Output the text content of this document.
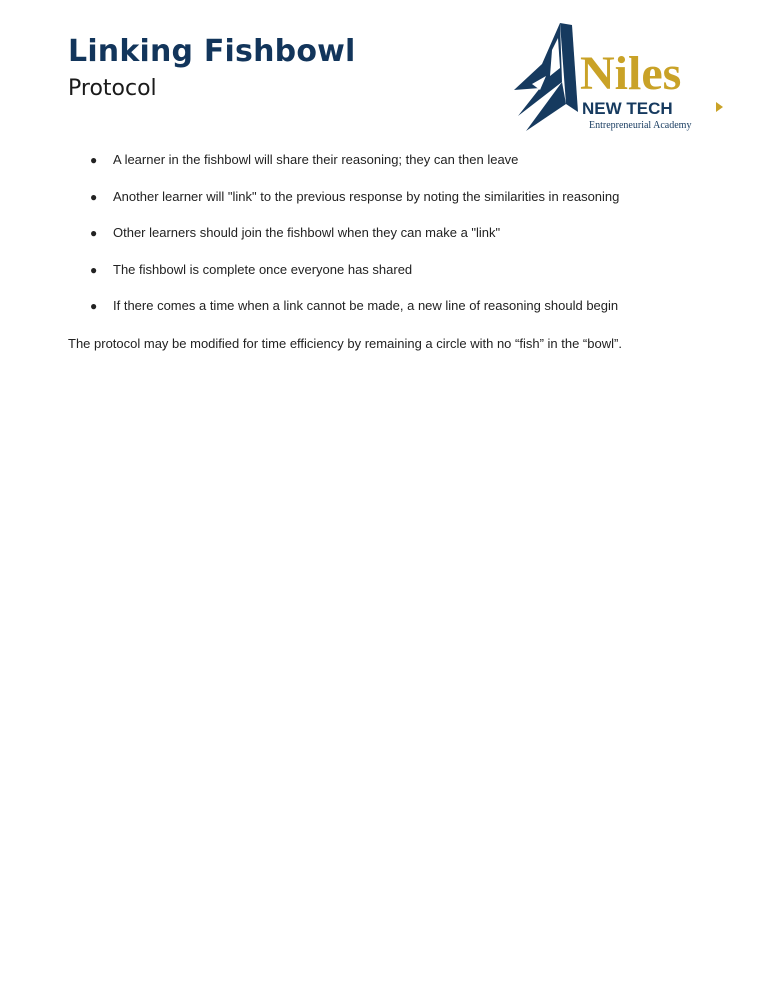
Linking Fishbowl
Protocol	Niles
NEW TECH
Entrepreneurial Academy
● A learner in the fishbowl will share their reasoning; they can then leave
● Another learner will "link" to the previous response by noting the similarities in reasoning
● Other learners should join the fishbowl when they can make a "link"
● The fishbowl is complete once everyone has shared
● If there comes a time when a link cannot be made, a new line of reasoning should begin

The protocol may be modified for time efficiency by remaining a circle with no “fish” in the “bowl”.
